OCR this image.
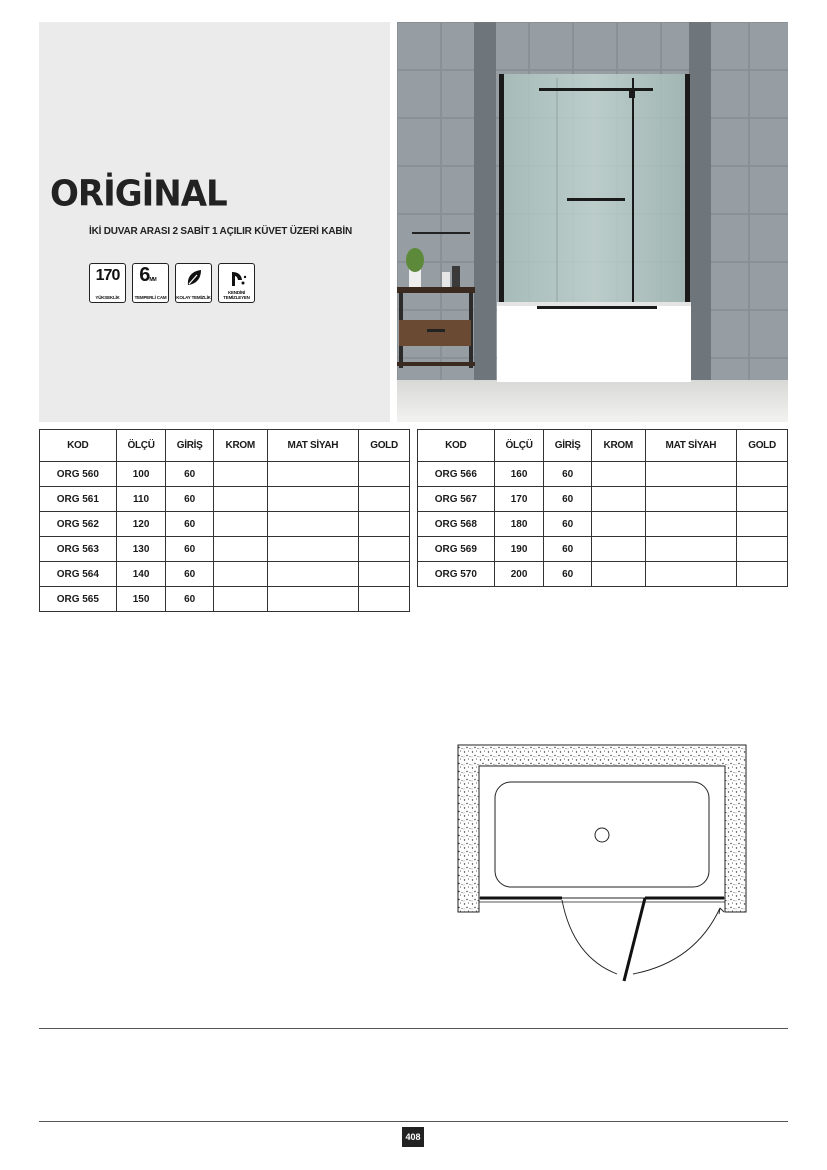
ORİGİNAL
İKİ DUVAR ARASI 2 SABİT 1 AÇILIR KÜVET ÜZERİ KABİN
170
YÜKSEKLİK
6MM
TEMPERLİ CAM	KOLAY TEMİZLİK
KENDİNİ TEMİZLEYEN
KOD	ÖLÇÜ	GİRİŞ	KROM	MAT SİYAH	GOLD
ORG 560	100	60			
ORG 561	110	60			
ORG 562	120	60			
ORG 563	130	60			
ORG 564	140	60			
ORG 565	150	60			
KOD	ÖLÇÜ	GİRİŞ	KROM	MAT SİYAH	GOLD
ORG 566	160	60			
ORG 567	170	60			
ORG 568	180	60			
ORG 569	190	60			
ORG 570	200	60			
408
